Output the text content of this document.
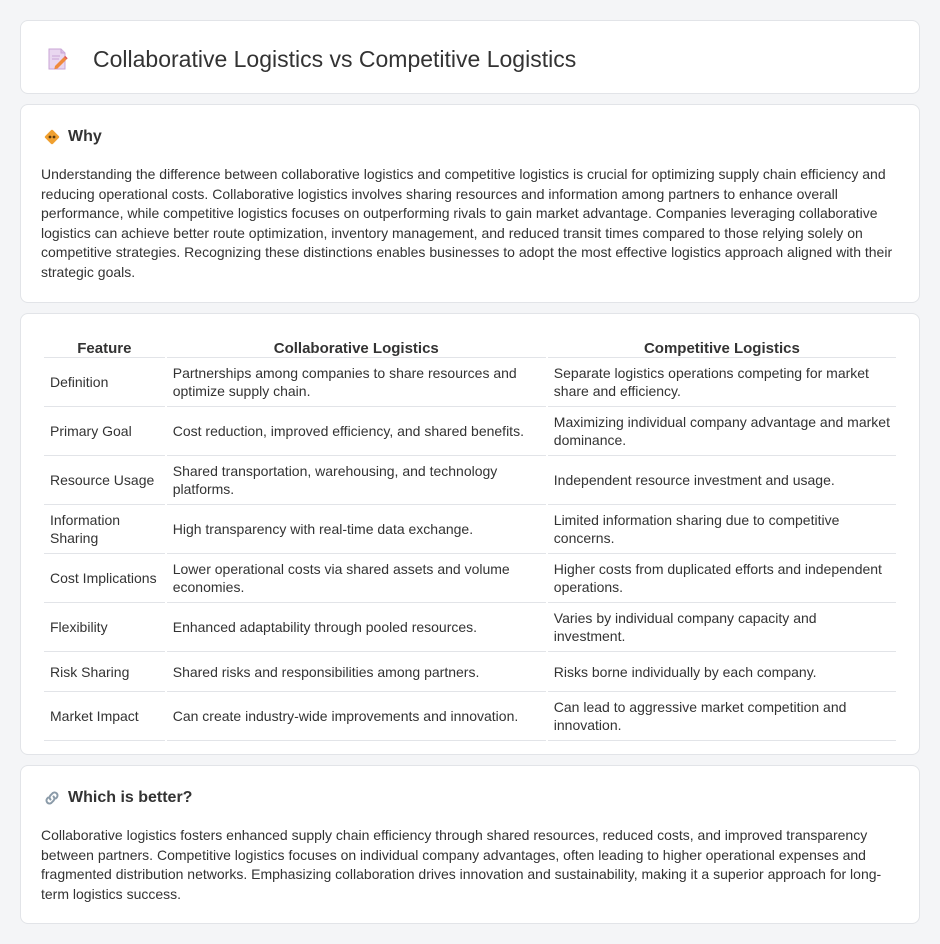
Collaborative Logistics vs Competitive Logistics
Why

Understanding the difference between collaborative logistics and competitive logistics is crucial for optimizing supply chain efficiency and reducing operational costs. Collaborative logistics involves sharing resources and information among partners to enhance overall performance, while competitive logistics focuses on outperforming rivals to gain market advantage. Companies leveraging collaborative logistics can achieve better route optimization, inventory management, and reduced transit times compared to those relying solely on competitive strategies. Recognizing these distinctions enables businesses to adopt the most effective logistics approach aligned with their strategic goals.

Feature	Collaborative Logistics	Competitive Logistics
Definition	Partnerships among companies to share resources and optimize supply chain.	Separate logistics operations competing for market share and efficiency.
Primary Goal	Cost reduction, improved efficiency, and shared benefits.	Maximizing individual company advantage and market dominance.
Resource Usage	Shared transportation, warehousing, and technology platforms.	Independent resource investment and usage.
Information Sharing	High transparency with real-time data exchange.	Limited information sharing due to competitive concerns.
Cost Implications	Lower operational costs via shared assets and volume economies.	Higher costs from duplicated efforts and independent operations.
Flexibility	Enhanced adaptability through pooled resources.	Varies by individual company capacity and investment.
Risk Sharing	Shared risks and responsibilities among partners.	Risks borne individually by each company.
Market Impact	Can create industry-wide improvements and innovation.	Can lead to aggressive market competition and innovation.
Which is better?

Collaborative logistics fosters enhanced supply chain efficiency through shared resources, reduced costs, and improved transparency between partners. Competitive logistics focuses on individual company advantages, often leading to higher operational expenses and fragmented distribution networks. Emphasizing collaboration drives innovation and sustainability, making it a superior approach for long-term logistics success.
